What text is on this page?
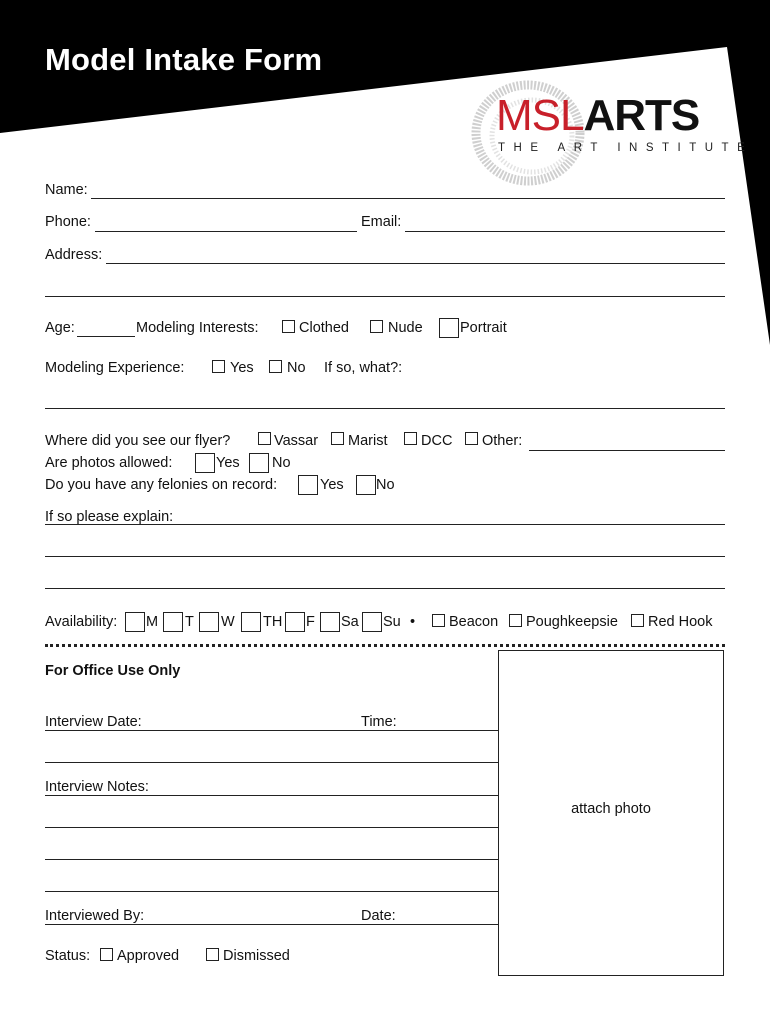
Model Intake Form
MSLARTS
THE ART INSTITUTE
Name:
Phone:	Email:
Address:
Age:	Modeling Interests:	Clothed	Nude	Portrait
Modeling Experience:	Yes No If so, what?:
Where did you see our flyer?	Vassar Marist DCC Other:
Are photos allowed:	Yes No
Do you have any felonies on record:	Yes No
If so please explain:
Availability: M T W TH F Sa Su • Beacon Poughkeepsie Red Hook
For Office Use Only
Interview Date:	Time:
Interview Notes:
Interviewed By:	Date:
Status: Approved	Dismissed
attach photo
